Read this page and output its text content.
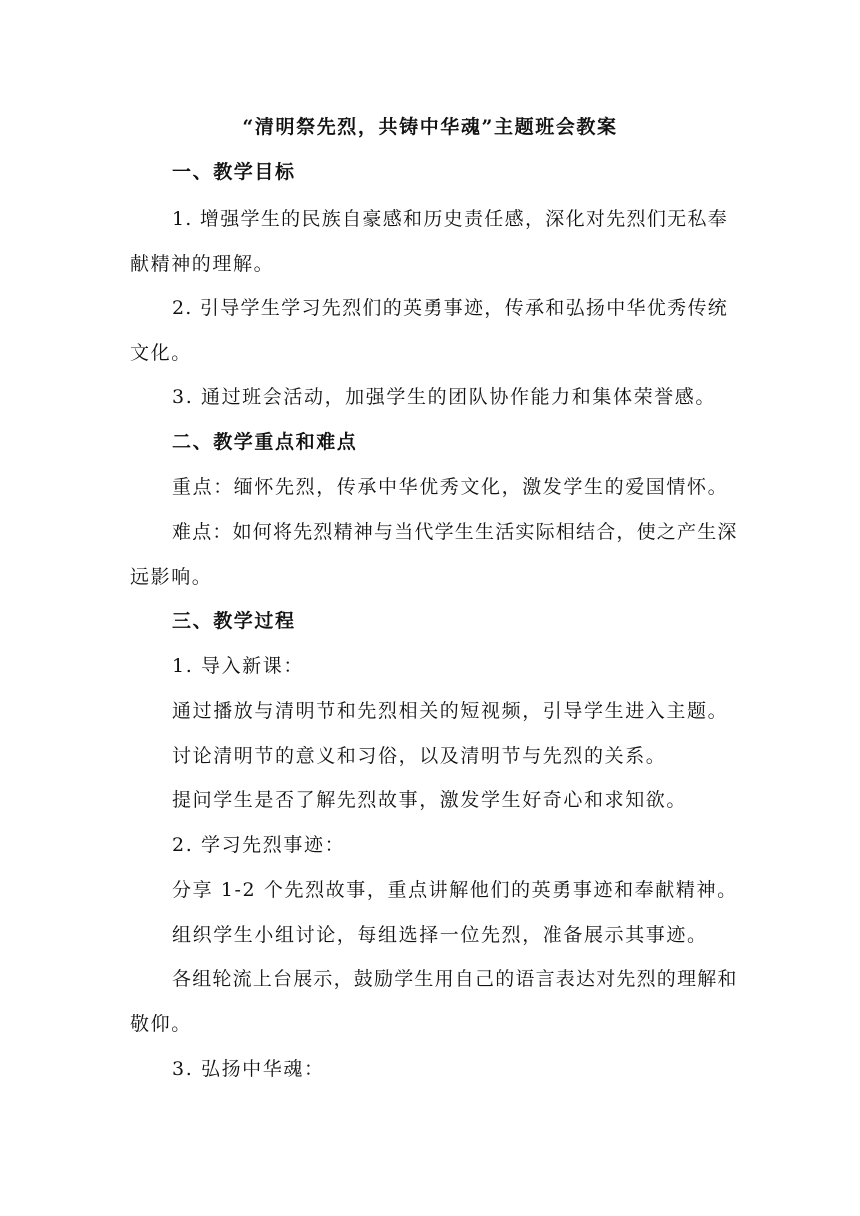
“清明祭先烈，共铸中华魂”主题班会教案
一、教学目标
1. 增强学生的民族自豪感和历史责任感，深化对先烈们无私奉
献精神的理解。
2. 引导学生学习先烈们的英勇事迹，传承和弘扬中华优秀传统
文化。
3. 通过班会活动，加强学生的团队协作能力和集体荣誉感。
二、教学重点和难点
重点：缅怀先烈，传承中华优秀文化，激发学生的爱国情怀。
难点：如何将先烈精神与当代学生生活实际相结合，使之产生深
远影响。
三、教学过程
1. 导入新课：
通过播放与清明节和先烈相关的短视频，引导学生进入主题。
讨论清明节的意义和习俗，以及清明节与先烈的关系。
提问学生是否了解先烈故事，激发学生好奇心和求知欲。
2. 学习先烈事迹：
分享 1-2 个先烈故事，重点讲解他们的英勇事迹和奉献精神。
组织学生小组讨论，每组选择一位先烈，准备展示其事迹。
各组轮流上台展示，鼓励学生用自己的语言表达对先烈的理解和
敬仰。
3. 弘扬中华魂：
